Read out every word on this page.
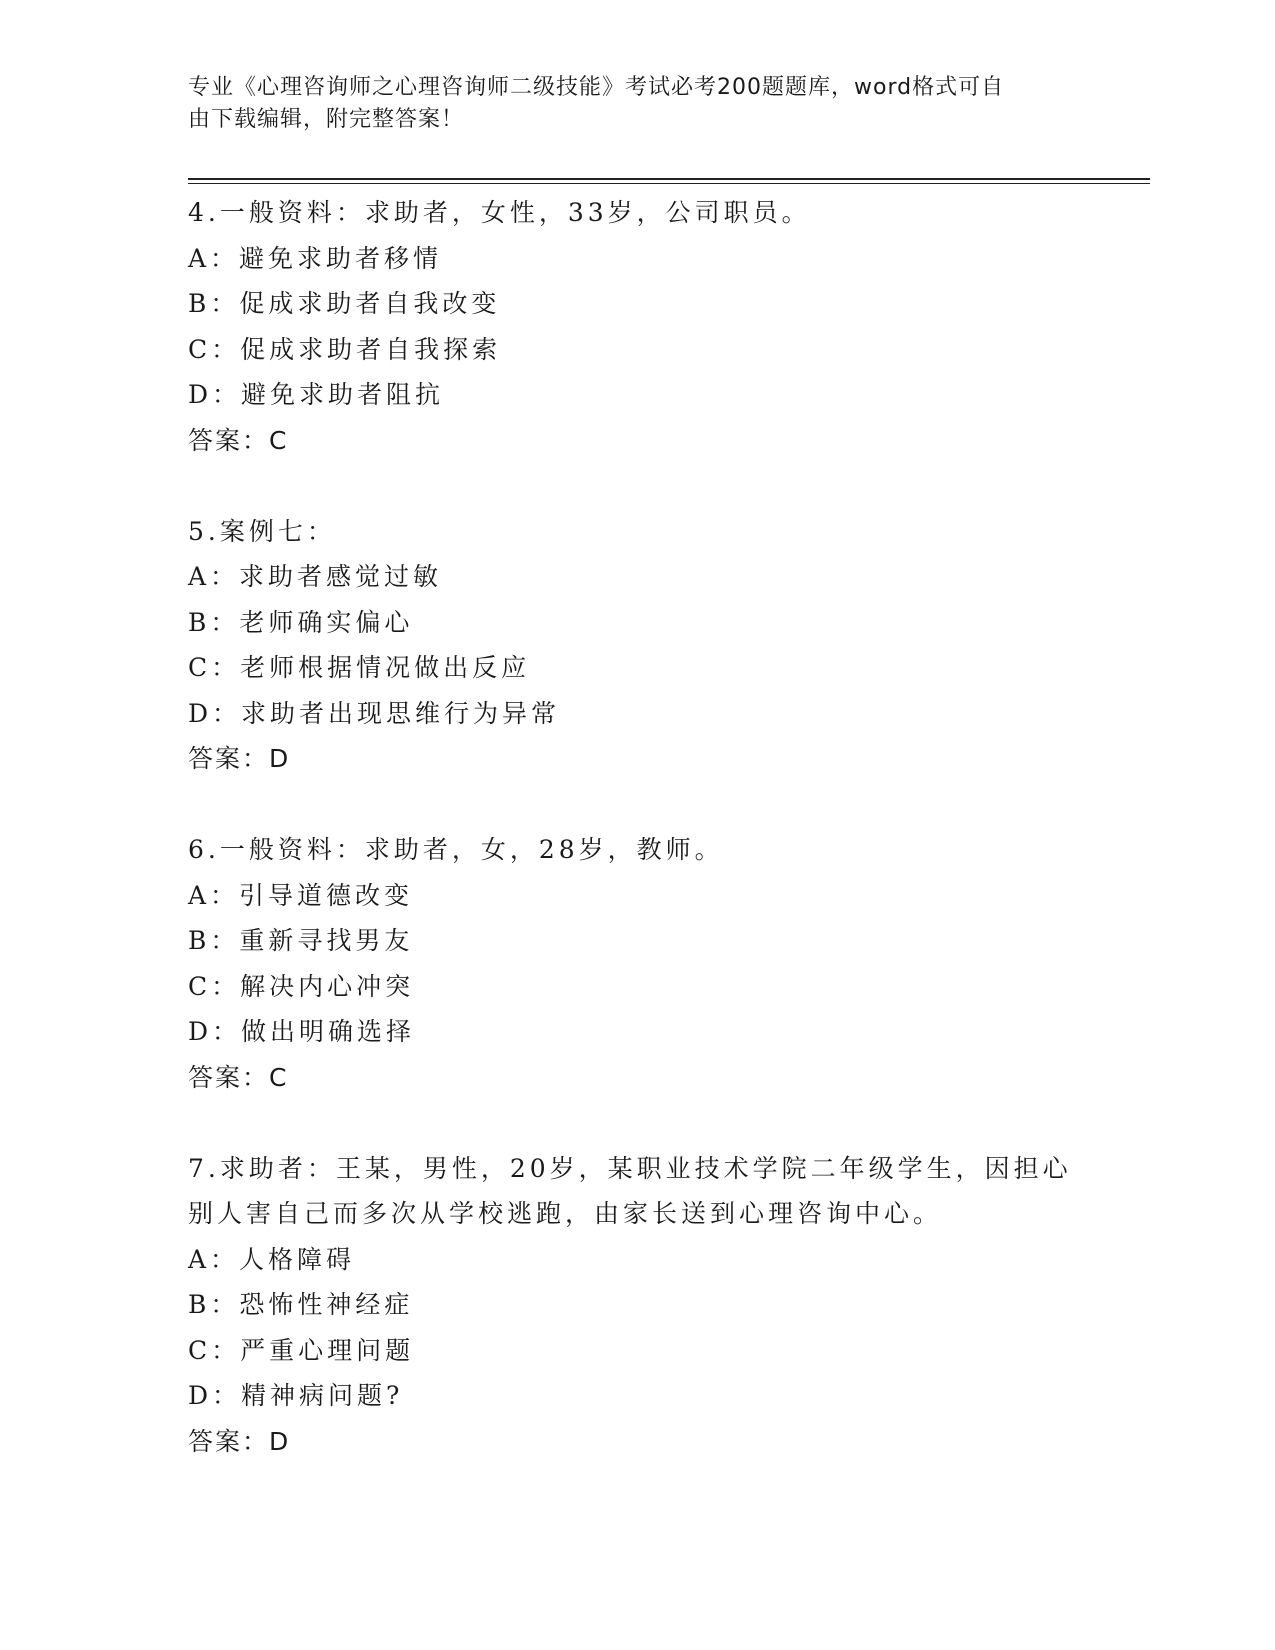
专业《心理咨询师之心理咨询师二级技能》考试必考200题题库，word格式可自
由下载编辑，附完整答案！
4.一般资料：求助者，女性，33岁，公司职员。
A：避免求助者移情
B：促成求助者自我改变
C：促成求助者自我探索
D：避免求助者阻抗
答案：C
5.案例七：
A：求助者感觉过敏
B：老师确实偏心
C：老师根据情况做出反应
D：求助者出现思维行为异常
答案：D
6.一般资料：求助者，女，28岁，教师。
A：引导道德改变
B：重新寻找男友
C：解决内心冲突
D：做出明确选择
答案：C
7.求助者：王某，男性，20岁，某职业技术学院二年级学生，因担心
别人害自己而多次从学校逃跑，由家长送到心理咨询中心。
A：人格障碍
B：恐怖性神经症
C：严重心理问题
D：精神病问题?
答案：D
